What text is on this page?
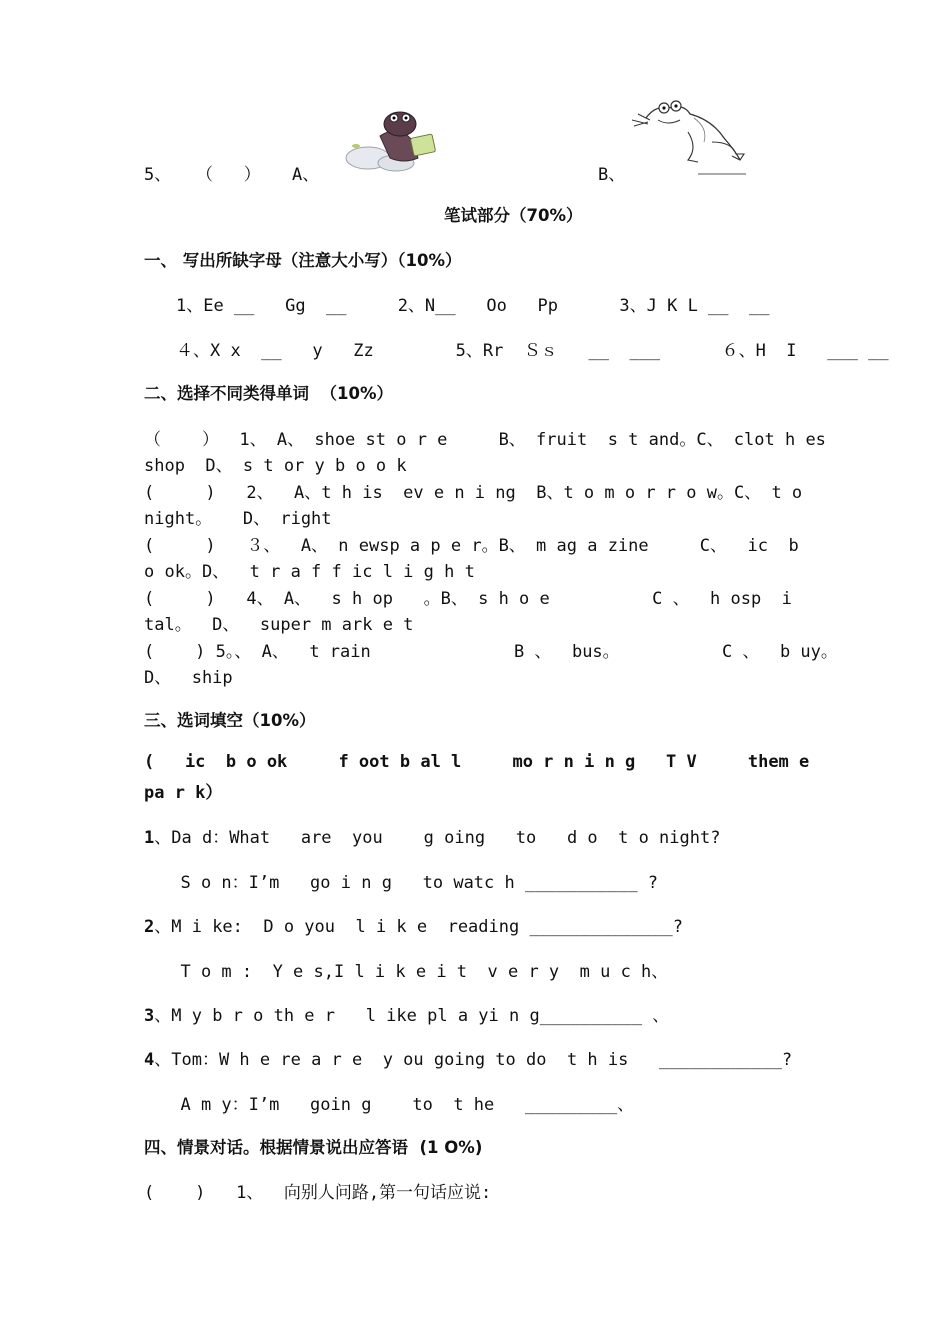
5、 （   ） A、	B、
笔试部分（70%）
一、 写出所缺字母（注意大小写）（10%）
1、Ee __   Gg  __     2、N__   Oo   Pp      3、J K L __  __
４、X x  __   y   Zz        5、Rr  Ｓｓ   __  ___      ６、H  I   ___ __
二、选择不同类得单词  （10%）
（    ）  1、 A、 shoe st o r e     B、 fruit  s t and。C、 clot h es
shop  D、 s t or y b o o k
(     )   2、  A、t h is  ev e n i ng  B、t o m o r r o w。C、 t o
night。   D、 right
(     )   ３、  A、 n ewsp a p e r。B、 m ag a zine     C、  ic  b
o ok。D、  t r a f f ic l i g h t
(     )   4、 A、  s h op   。B、 s h o e          C 、  h osp  i
tal。  D、  super m ark e t
(    ) 5。、 A、  t rain              B 、  bus。          C 、  b uy。
D、  ship
三、选词填空（10%）
(   ic  b o ok     f oot b al l     mo r n i n g   T V     them e
pa r k）
1、Da d：What   are  you    g oing   to   d o  t o night?
S o n：I’m   go i n g   to watc h ___________ ?
2、M i ke:  D o you  l i k e  reading ______________?
T o m :  Y e s,I l i k e i t  v e r y  m u c h、
3、M y b r o th e r   l ike pl a yi n g__________ 、
4、Tom：W h e re a r e  y ou going to do  t h is   ____________?
A m y：I’m   goin g    to  t he   _________、
四、情景对话。根据情景说出应答语  (1 O%)
(    )   1、  向别人问路,第一句话应说:
